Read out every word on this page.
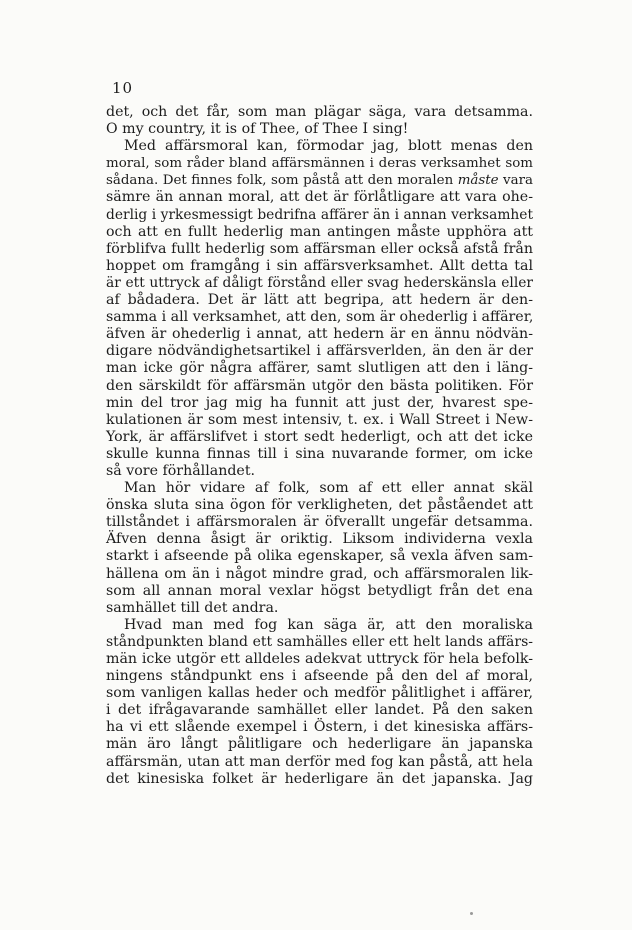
10
det, och det får, som man plägar säga, vara detsamma.
O my country, it is of Thee, of Thee I sing!
Med affärsmoral kan, förmodar jag, blott menas den
moral, som råder bland affärsmännen i deras verksamhet som
sådana. Det finnes folk, som påstå att den moralen måste vara
sämre än annan moral, att det är förlåtligare att vara ohe-
derlig i yrkesmessigt bedrifna affärer än i annan verksamhet
och att en fullt hederlig man antingen måste upphöra att
förblifva fullt hederlig som affärsman eller också afstå från
hoppet om framgång i sin affärsverksamhet. Allt detta tal
är ett uttryck af dåligt förstånd eller svag hederskänsla eller
af bådadera. Det är lätt att begripa, att hedern är den-
samma i all verksamhet, att den, som är ohederlig i affärer,
äfven är ohederlig i annat, att hedern är en ännu nödvän-
digare nödvändighetsartikel i affärsverlden, än den är der
man icke gör några affärer, samt slutligen att den i läng-
den särskildt för affärsmän utgör den bästa politiken. För
min del tror jag mig ha funnit att just der, hvarest spe-
kulationen är som mest intensiv, t. ex. i Wall Street i New-
York, är affärslifvet i stort sedt hederligt, och att det icke
skulle kunna finnas till i sina nuvarande former, om icke
så vore förhållandet.
Man hör vidare af folk, som af ett eller annat skäl
önska sluta sina ögon för verkligheten, det påståendet att
tillståndet i affärsmoralen är öfverallt ungefär detsamma.
Äfven denna åsigt är oriktig. Liksom individerna vexla
starkt i afseende på olika egenskaper, så vexla äfven sam-
hällena om än i något mindre grad, och affärsmoralen lik-
som all annan moral vexlar högst betydligt från det ena
samhället till det andra.
Hvad man med fog kan säga är, att den moraliska
ståndpunkten bland ett samhälles eller ett helt lands affärs-
män icke utgör ett alldeles adekvat uttryck för hela befolk-
ningens ståndpunkt ens i afseende på den del af moral,
som vanligen kallas heder och medför pålitlighet i affärer,
i det ifrågavarande samhället eller landet. På den saken
ha vi ett slående exempel i Östern, i det kinesiska affärs-
män äro långt pålitligare och hederligare än japanska
affärsmän, utan att man derför med fog kan påstå, att hela
det kinesiska folket är hederligare än det japanska. Jag
